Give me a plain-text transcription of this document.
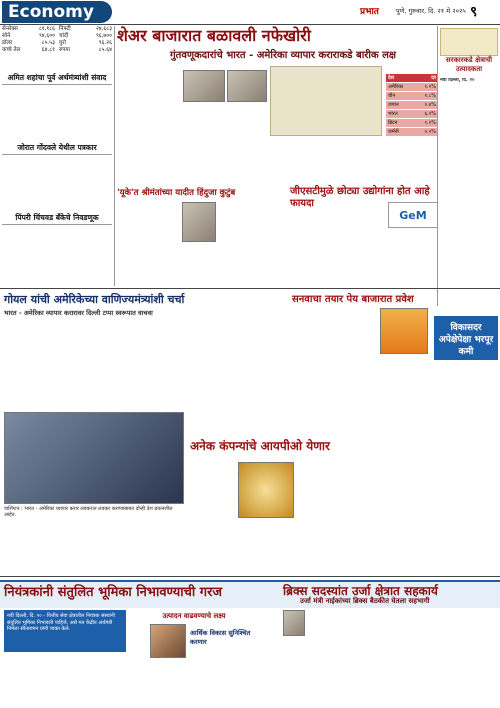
Economy	प्रभात	पुणे, गुरुवार, दि. २१ मे २०२५ ९
सेन्सेक्स	८१,१८६ निफ्टी	२४,६८३
सोने	९४,६०० चांदी	९६,७००
डॉलर	८५.५३ युरो	९६.२६
कच्चे तेल	६४.८१ रुपया	८५.६४
शेअर बाजारात बळावली नफेखोरी
गुंतवणूकदारांचे भारत - अमेरिका व्यापार कराराकडे बारीक लक्ष	सरकारकडे क्षेत्राची उत्पादकता
नवी दिल्ली, दि. २०
अमित शहांचा पूर्व अर्थमंत्र्यांशी संवाद
जोरात गोंदवले येथील पत्रकार
पिंपरी चिंचवड बँकेचे निवडणूक
देश	दर
अमेरिका	१.२%
चीन	१.८%
जपान	०.४%
भारत	६.२%
ब्रिटन	१.१%
जर्मनी	०.२%
'यूके'त श्रीमंतांच्या यादीत हिंदुजा कुटुंब	जीएसटीमुळे छोट्या उद्योगांना होत आहे फायदा
GeM
गोयल यांची अमेरिकेच्या वाणिज्यमंत्र्यांशी चर्चा
भारत - अमेरिका व्यापार करारावर दिल्ली टप्पा स्वरूपात वाचवा
वाशिंग्टन : भारत - अमेरिका व्यापार करार लवकरात लवकर करण्याबाबत दोन्ही देश प्रयत्नशील आहेत.
सनवाचा तयार पेय बाजारात प्रवेश
विकासदर अपेक्षेपेक्षा भरपूर कमी
अनेक कंपन्यांचे आयपीओ येणार
नियंत्रकांनी संतुलित भूमिका निभावण्याची गरज	ब्रिक्स सदस्यांत उर्जा क्षेत्रात सहकार्य
उर्जा मंत्री नाईकांच्या ब्रिक्स बैठकीत घेतला सहभागी
नवी दिल्ली, दि. २० - वित्तीय सेवा क्षेत्रातील नियंत्रक संस्थांनी संतुलित भूमिका निभावली पाहिजे, असे मत केंद्रीय अर्थमंत्री निर्मला सीतारामन यांनी व्यक्त केले.
उत्पादन वाढवण्याचे लक्ष्य
आर्थिक विकास सुनिश्चित करणार
